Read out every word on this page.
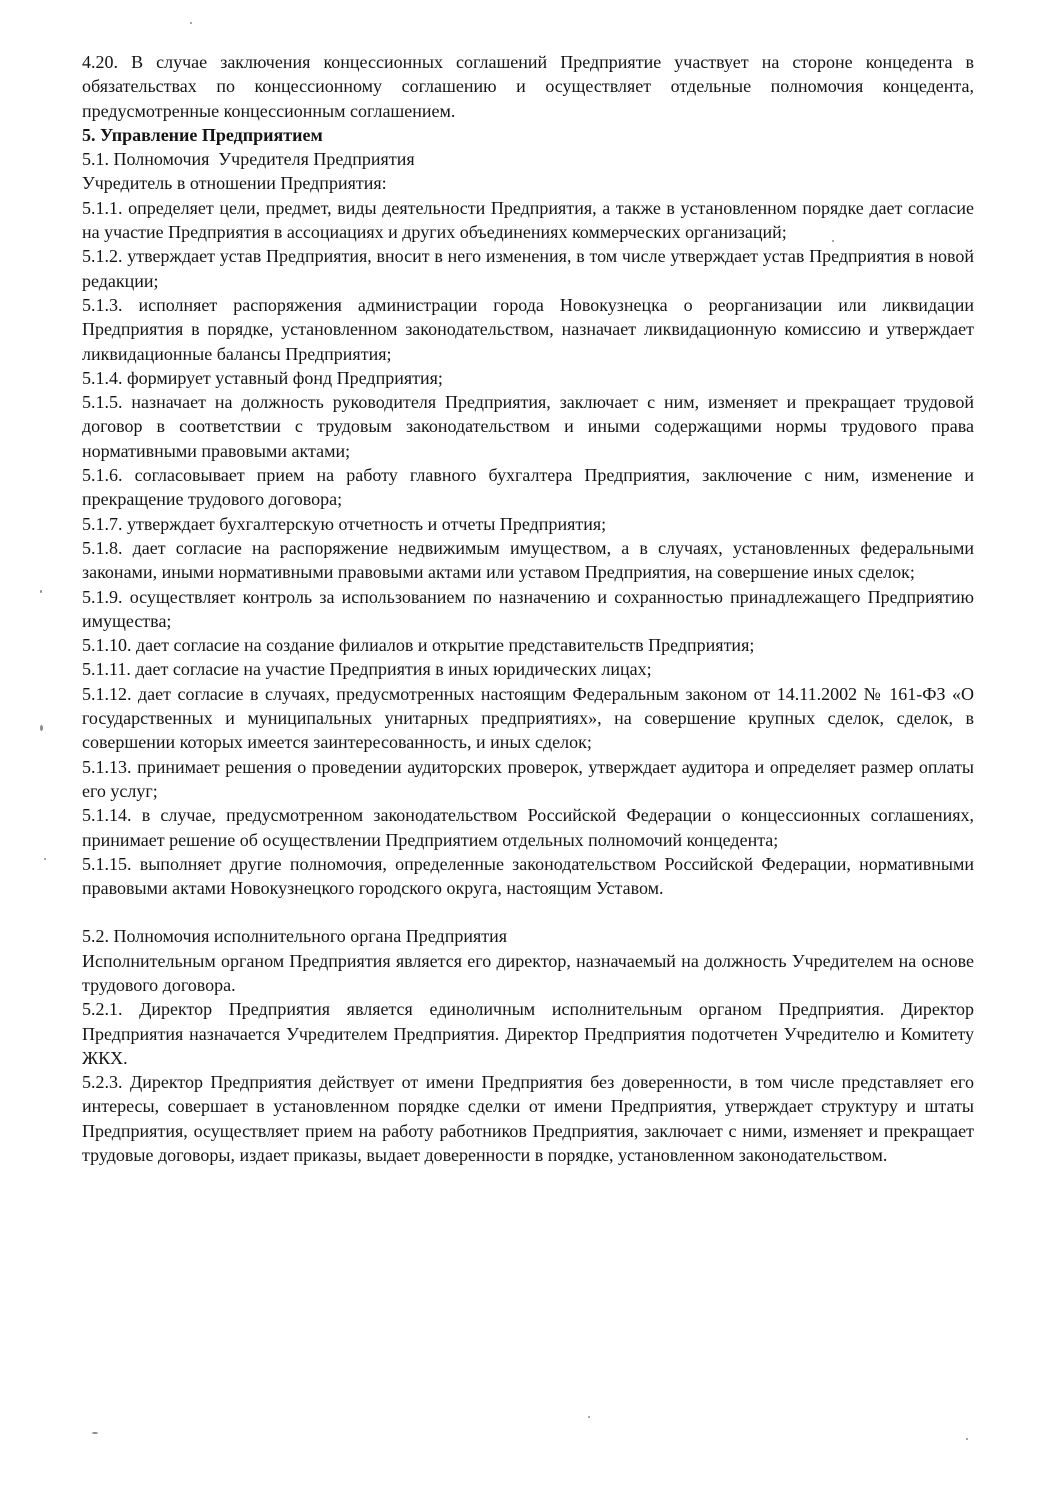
4.20. В случае заключения концессионных соглашений Предприятие участвует на стороне концедента в обязательствах по концессионному соглашению и осуществляет отдельные полномочия концедента, предусмотренные концессионным соглашением.

5. Управление Предприятием

5.1. Полномочия  Учредителя Предприятия

Учредитель в отношении Предприятия:

5.1.1. определяет цели, предмет, виды деятельности Предприятия, а также в установленном порядке дает согласие на участие Предприятия в ассоциациях и других объединениях коммерческих организаций;

5.1.2. утверждает устав Предприятия, вносит в него изменения, в том числе утверждает устав Предприятия в новой редакции;

5.1.3. исполняет распоряжения администрации города Новокузнецка о реорганизации или ликвидации Предприятия в порядке, установленном законодательством, назначает ликвидационную комиссию и утверждает ликвидационные балансы Предприятия;

5.1.4. формирует уставный фонд Предприятия;

5.1.5. назначает на должность руководителя Предприятия, заключает с ним, изменяет и прекращает трудовой договор в соответствии с трудовым законодательством и иными содержащими нормы трудового права нормативными правовыми актами;

5.1.6. согласовывает прием на работу главного бухгалтера Предприятия, заключение с ним, изменение и прекращение трудового договора;

5.1.7. утверждает бухгалтерскую отчетность и отчеты Предприятия;

5.1.8. дает согласие на распоряжение недвижимым имуществом, а в случаях, установленных федеральными законами, иными нормативными правовыми актами или уставом Предприятия, на совершение иных сделок;

5.1.9. осуществляет контроль за использованием по назначению и сохранностью принадлежащего Предприятию имущества;

5.1.10. дает согласие на создание филиалов и открытие представительств Предприятия;

5.1.11. дает согласие на участие Предприятия в иных юридических лицах;

5.1.12. дает согласие в случаях, предусмотренных настоящим Федеральным законом от 14.11.2002 № 161-ФЗ «О государственных и муниципальных унитарных предприятиях», на совершение крупных сделок, сделок, в совершении которых имеется заинтересованность, и иных сделок;

5.1.13. принимает решения о проведении аудиторских проверок, утверждает аудитора и определяет размер оплаты его услуг;

5.1.14. в случае, предусмотренном законодательством Российской Федерации о концессионных соглашениях, принимает решение об осуществлении Предприятием отдельных полномочий концедента;

5.1.15. выполняет другие полномочия, определенные законодательством Российской Федерации, нормативными правовыми актами Новокузнецкого городского округа, настоящим Уставом.

5.2. Полномочия исполнительного органа Предприятия

Исполнительным органом Предприятия является его директор, назначаемый на должность Учредителем на основе трудового договора.

5.2.1. Директор Предприятия является единоличным исполнительным органом Предприятия. Директор Предприятия назначается Учредителем Предприятия. Директор Предприятия подотчетен Учредителю и Комитету ЖКХ.

5.2.3. Директор Предприятия действует от имени Предприятия без доверенности, в том числе представляет его интересы, совершает в установленном порядке сделки от имени Предприятия, утверждает структуру и штаты Предприятия, осуществляет прием на работу работников Предприятия, заключает с ними, изменяет и прекращает трудовые договоры, издает приказы, выдает доверенности в порядке, установленном законодательством.
